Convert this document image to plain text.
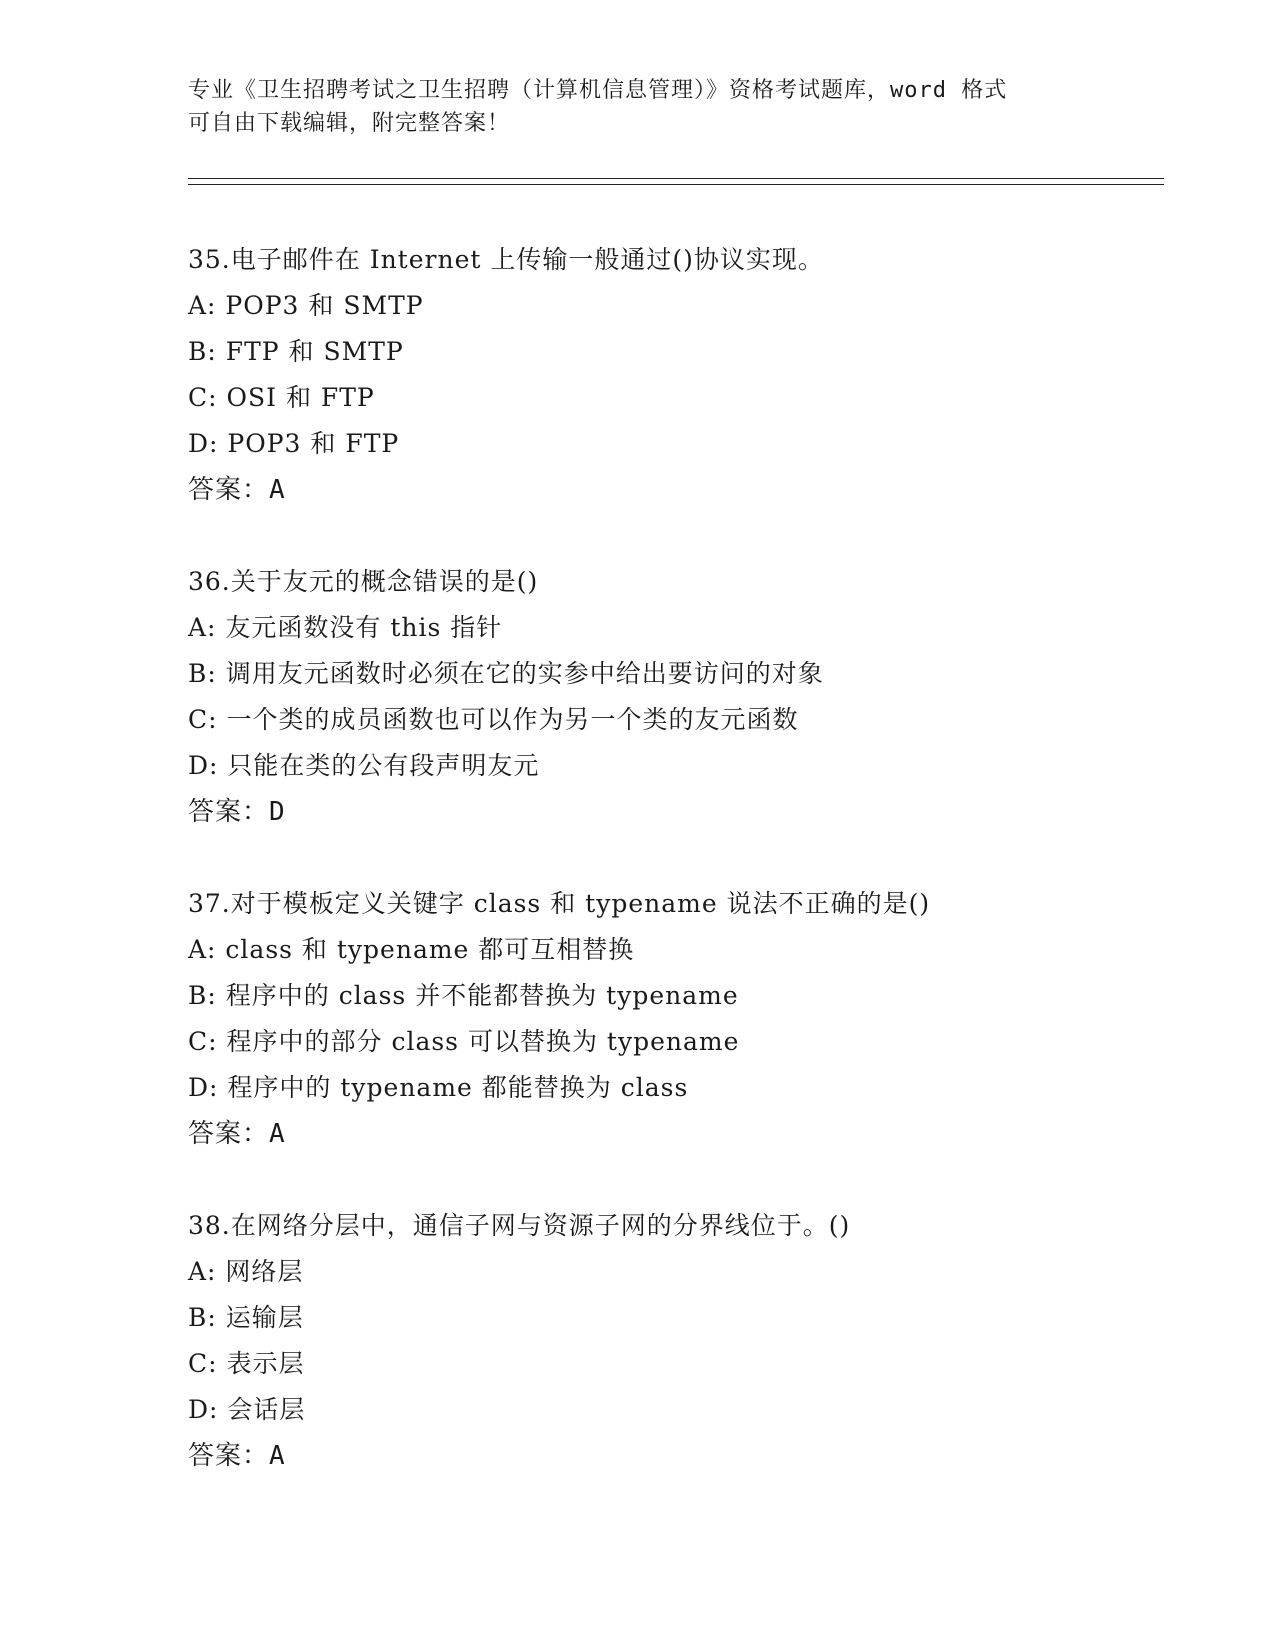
专业《卫生招聘考试之卫生招聘（计算机信息管理）》资格考试题库，word 格式
可自由下载编辑，附完整答案！
35.电子邮件在 Internet 上传输一般通过()协议实现。
A: POP3 和 SMTP
B: FTP 和 SMTP
C: OSI 和 FTP
D: POP3 和 FTP
答案：A
36.关于友元的概念错误的是()
A: 友元函数没有 this 指针
B: 调用友元函数时必须在它的实参中给出要访问的对象
C: 一个类的成员函数也可以作为另一个类的友元函数
D: 只能在类的公有段声明友元
答案：D
37.对于模板定义关键字 class 和 typename 说法不正确的是()
A: class 和 typename 都可互相替换
B: 程序中的 class 并不能都替换为 typename
C: 程序中的部分 class 可以替换为 typename
D: 程序中的 typename 都能替换为 class
答案：A
38.在网络分层中，通信子网与资源子网的分界线位于。()
A: 网络层
B: 运输层
C: 表示层
D: 会话层
答案：A
